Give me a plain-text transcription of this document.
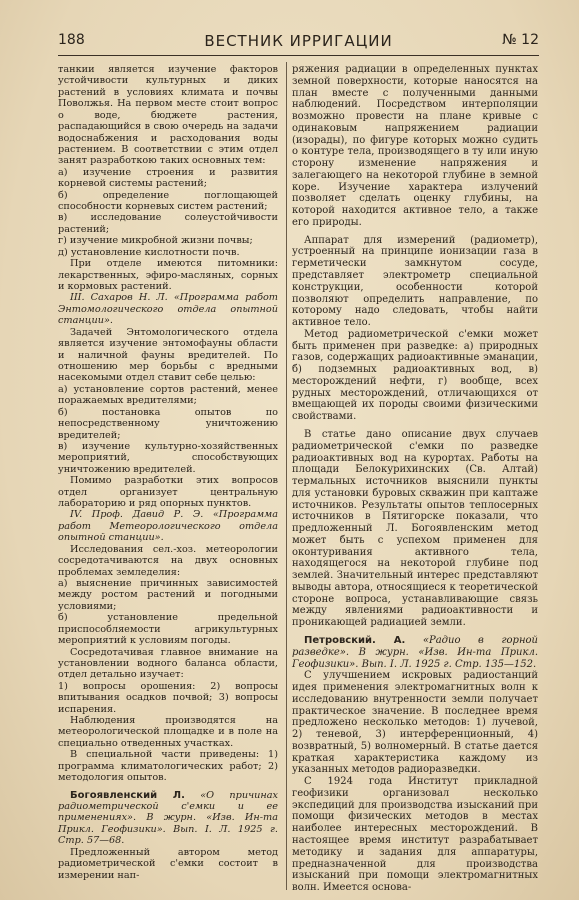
188	ВЕСТНИК ИРРИГАЦИИ	№ 12

танкии является изучение факторов устойчивости культурных и диких растений в условиях климата и почвы Поволжья. На первом месте стоит вопрос о воде, бюджете растения, распадающийся в свою очередь на задачи водоснабжения и расходования воды растением. В соответствии с этим отдел занят разработкою таких основных тем:

а) изучение строения и развития корневой системы растений;

б) определение поглощающей способности корневых систем растений;

в) исследование солеустойчивости растений;

г) изучение микробной жизни почвы;

д) установление кислотности почв.

При отделе имеются питомники: лекарственных, эфиро-масляных, сорных и кормовых растений.

III. Сахаров Н. Л. «Программа работ Энтомологического отдела опытной станции».

Задачей Энтомологического отдела является изучение энтомофауны области и наличной фауны вредителей. По отношению мер борьбы с вредными насекомыми отдел ставит себе целью:

а) установление сортов растений, менее поражаемых вредителями;

б) постановка опытов по непосредственному уничтожению вредителей;

в) изучение культурно-хозяйственных мероприятий, способствующих уничтожению вредителей.

Помимо разработки этих вопросов отдел организует центральную лабораторию и ряд опорных пунктов.

IV. Проф. Давид Р. Э. «Программа работ Метеорологического отдела опытной станции».

Исследования сел.-хоз. метеорологии сосредотачиваются на двух основных проблемах земледелия:

а) выяснение причинных зависимостей между ростом растений и погодными условиями;

б) установление предельной приспособляемости агрикультурных мероприятий к условиям погоды.

Сосредотачивая главное внимание на установлении водного баланса области, отдел детально изучает:

1) вопросы орошения: 2) вопросы впитывания осадков почвой; 3) вопросы испарения.

Наблюдения производятся на метеорологической площадке и в поле на специально отведенных участках.

В специальной части приведены: 1) программа климатологических работ; 2) методология опытов.

Богоявленский Л. «О причинах радиометрической с'емки и ее применениях». В журн. «Изв. Ин-та Прикл. Геофизики». Вып. I. Л. 1925 г. Стр. 57—68.

Предложенный автором метод радиометрической с'емки состоит в измерении нап-

ряжения радиации в определенных пунктах земной поверхности, которые наносятся на план вместе с полученными данными наблюдений. Посредством интерполяции возможно провести на плане кривые с одинаковым напряжением радиации (изорады), по фигуре которых можно судить о контуре тела, производящего в ту или иную сторону изменение напряжения и залегающего на некоторой глубине в земной коре. Изучение характера излучений позволяет сделать оценку глубины, на которой находится активное тело, а также его природы.

Аппарат для измерений (радиометр), устроенный на принципе ионизации газа в герметически замкнутом сосуде, представляет электрометр специальной конструкции, особенности которой позволяют определить направление, по которому надо следовать, чтобы найти активное тело.

Метод радиометрической с'емки может быть применен при разведке: а) природных газов, содержащих радиоактивные эманации, б) подземных радиоактивных вод, в) месторождений нефти, г) вообще, всех рудных месторождений, отличающихся от вмещающей их породы своими физическими свойствами.

В статье дано описание двух случаев радиометрической с'емки по разведке радиоактивных вод на курортах. Работы на площади Белокурихинских (Св. Алтай) термальных источников выяснили пункты для установки буровых скважин при каптаже источников. Результаты опытов теплосерных источников в Пятигорске показали, что предложенный Л. Богоявленским метод может быть с успехом применен для оконтуривания активного тела, находящегося на некоторой глубине под землей. Значительный интерес представляют выводы автора, относящиеся к теоретической стороне вопроса, устанавливающие связь между явлениями радиоактивности и проникающей радиацией земли.

Петровский. А. «Радио в горной разведке». В журн. «Изв. Ин-та Прикл. Геофизики». Вып. I. Л. 1925 г. Стр. 135—152.

С улучшением искровых радиостанций идея применения электромагнитных волн к исследованию внутренности земли получает практическое значение. В последнее время предложено несколько методов: 1) лучевой, 2) теневой, 3) интерференционный, 4) возвратный, 5) волномерный. В статье дается краткая характеристика каждому из указанных методов радиоразведки.

С 1924 года Институт прикладной геофизики организовал несколько экспедиций для производства изысканий при помощи физических методов в местах наиболее интересных месторождений. В настоящее время институт разрабатывает методику и задания для аппаратуры, предназначенной для производства изысканий при помощи электромагнитных волн. Имеется основа-
